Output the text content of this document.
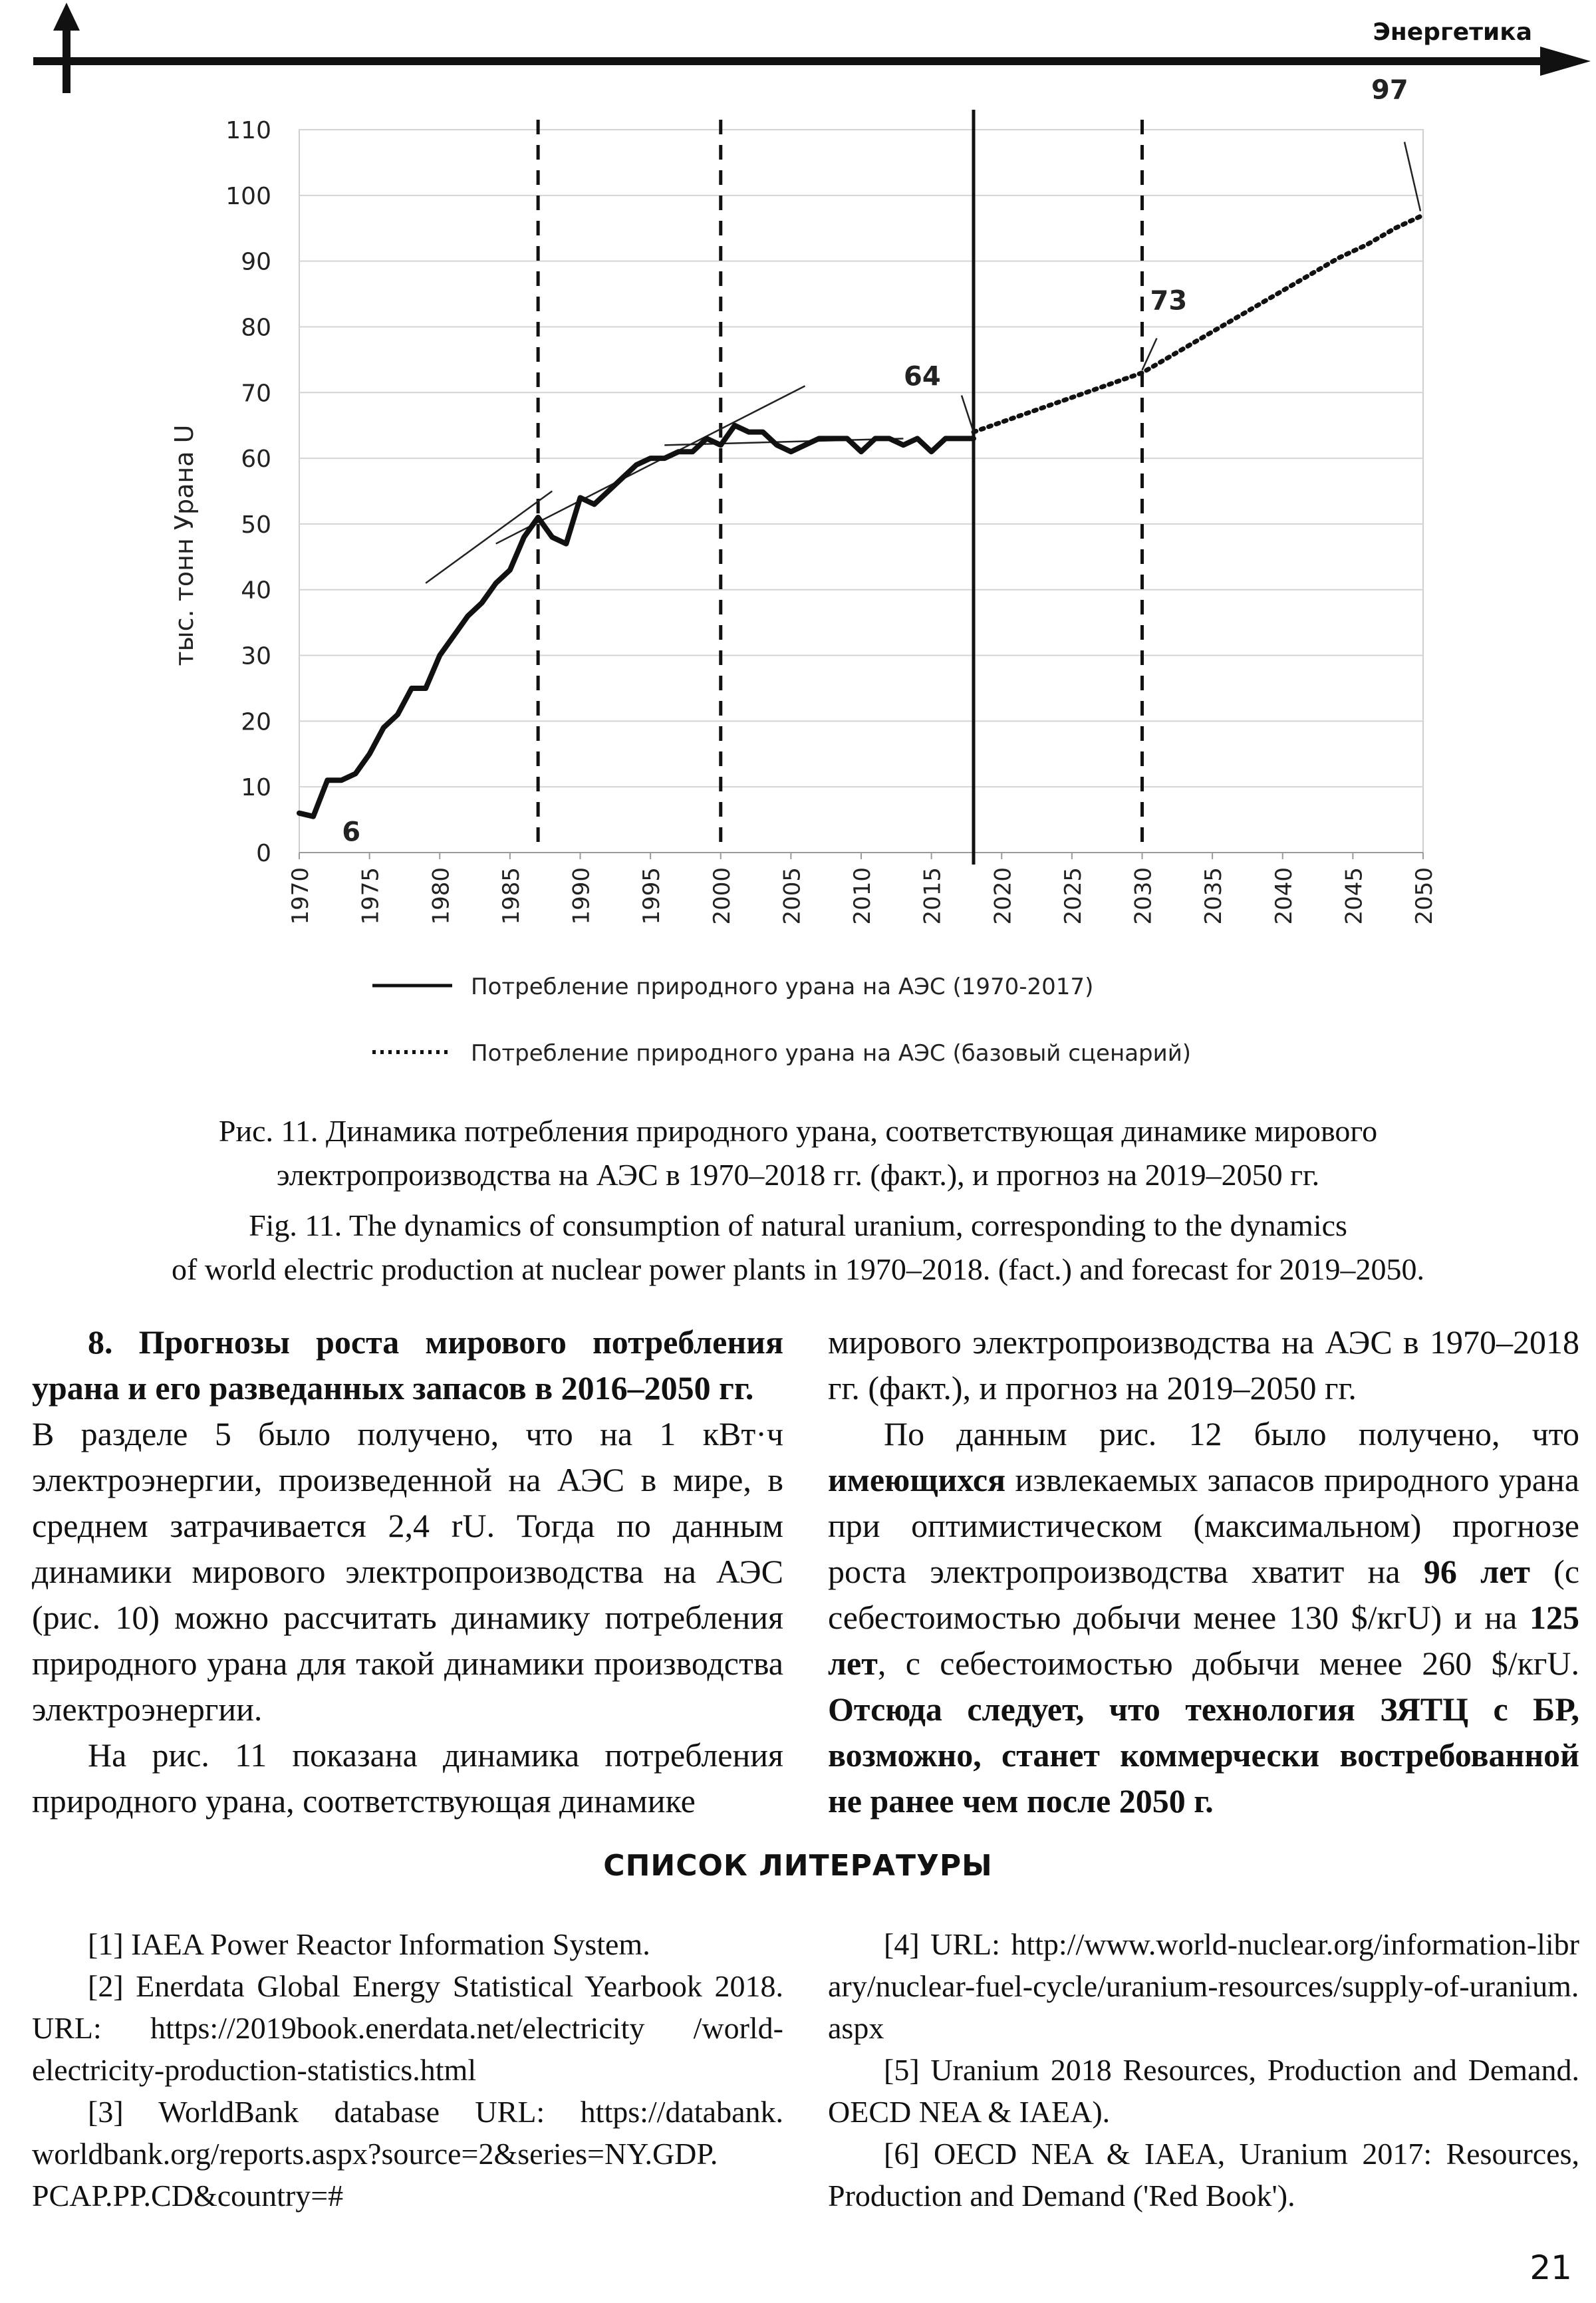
Энергетика
0
10
20
30
40
50
60
70
80
90
100
110
1970 1975 1980 1985 1990 1995 2000 2005 2010 2015 2020 2025 2030 2035 2040 2045 2050
6
64
73
97
тыс. тонн Урана U
Потребление природного урана на АЭС (1970-2017)
Потребление природного урана на АЭС (базовый сценарий)
Рис. 11. Динамика потребления природного урана, соответствующая динамике мирового
электропроизводства на АЭС в 1970–2018 гг. (факт.), и прогноз на 2019–2050 гг.
Fig. 11. The dynamics of consumption of natural uranium, corresponding to the dynamics
of world electric production at nuclear power plants in 1970–2018. (fact.) and forecast for 2019–2050.

8. Прогнозы роста мирового потребления урана и его разведанных запасов в 2016–2050 гг.

В разделе 5 было получено, что на 1 кВт·ч электроэнергии, произведенной на АЭС в мире, в среднем затрачивается 2,4 rU. Тогда по данным динамики мирового электропроизводства на АЭС (рис. 10) можно рассчитать динамику потребления природного урана для такой динамики производства электроэнергии.

На рис. 11 показана динамика потребления природного урана, соответствующая динамике

мирового электропроизводства на АЭС в 1970–2018 гг. (факт.), и прогноз на 2019–2050 гг.

По данным рис. 12 было получено, что имеющихся извлекаемых запасов природного урана при оптимистическом (максимальном) прогнозе роста электропроизводства хватит на 96 лет (с себестоимостью добычи менее 130 $/кгU) и на 125 лет, с себестоимостью добычи менее 260 $/кгU. Отсюда следует, что технология ЗЯТЦ с БР, возможно, станет коммерчески востребованной не ранее чем после 2050 г.

СПИСОК ЛИТЕРАТУРЫ

[1] IAEA Power Reactor Information System.

[2] Enerdata Global Energy Statistical Yearbook 2018. URL: https://2019book.enerdata.net/electricity /world-electricity-production-statistics.html

[3] WorldBank database URL: https://databank. worldbank.org/reports.aspx?source=2&series=NY.GDP. PCAP.PP.CD&country=#

[4] URL: http://www.world-nuclear.org/information-library/nuclear-fuel-cycle/uranium-resources/supply-of-uranium.aspx

[5] Uranium 2018 Resources, Production and Demand. OECD NEA & IAEA).

[6] OECD NEA & IAEA, Uranium 2017: Resources, Production and Demand ('Red Book').

21
